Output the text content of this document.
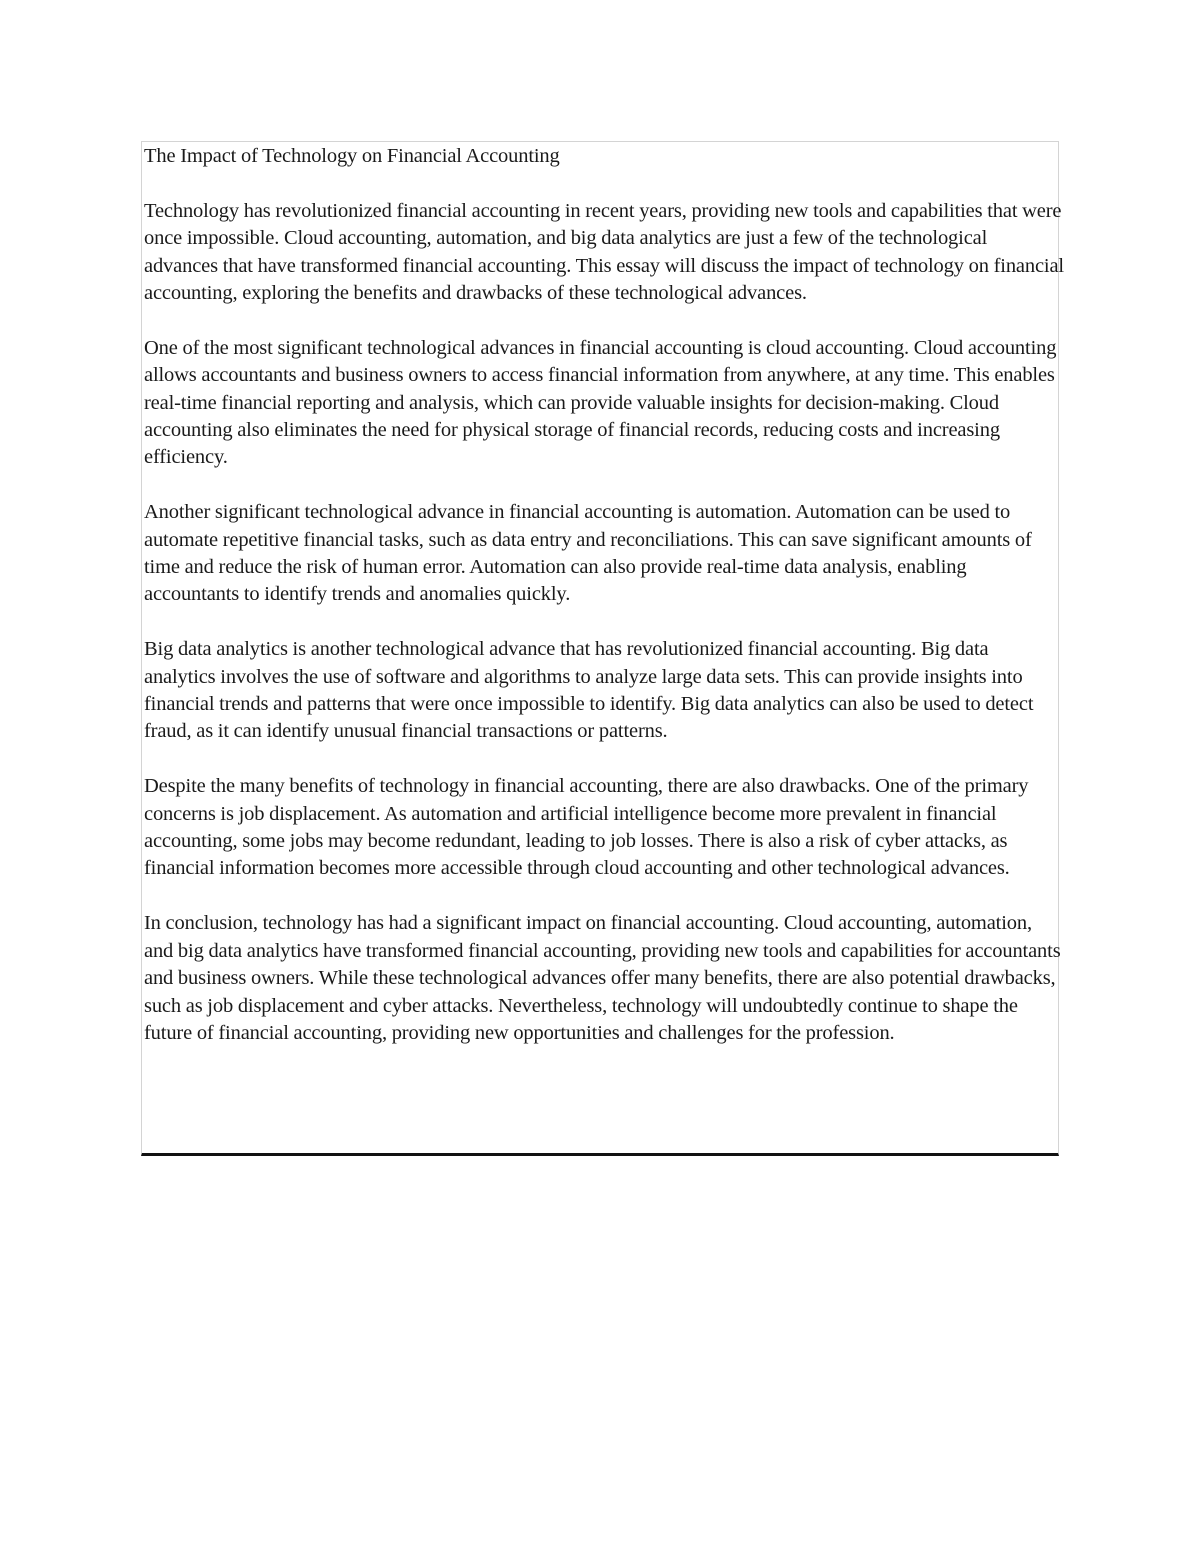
The Impact of Technology on Financial Accounting

Technology has revolutionized financial accounting in recent years, providing new tools and capabilities that were once impossible. Cloud accounting, automation, and big data analytics are just a few of the technological advances that have transformed financial accounting. This essay will discuss the impact of technology on financial accounting, exploring the benefits and drawbacks of these technological advances.

One of the most significant technological advances in financial accounting is cloud accounting. Cloud accounting allows accountants and business owners to access financial information from anywhere, at any time. This enables real-time financial reporting and analysis, which can provide valuable insights for decision-making. Cloud accounting also eliminates the need for physical storage of financial records, reducing costs and increasing efficiency.

Another significant technological advance in financial accounting is automation. Automation can be used to automate repetitive financial tasks, such as data entry and reconciliations. This can save significant amounts of time and reduce the risk of human error. Automation can also provide real-time data analysis, enabling accountants to identify trends and anomalies quickly.

Big data analytics is another technological advance that has revolutionized financial accounting. Big data analytics involves the use of software and algorithms to analyze large data sets. This can provide insights into financial trends and patterns that were once impossible to identify. Big data analytics can also be used to detect fraud, as it can identify unusual financial transactions or patterns.

Despite the many benefits of technology in financial accounting, there are also drawbacks. One of the primary concerns is job displacement. As automation and artificial intelligence become more prevalent in financial accounting, some jobs may become redundant, leading to job losses. There is also a risk of cyber attacks, as financial information becomes more accessible through cloud accounting and other technological advances.

In conclusion, technology has had a significant impact on financial accounting. Cloud accounting, automation, and big data analytics have transformed financial accounting, providing new tools and capabilities for accountants and business owners. While these technological advances offer many benefits, there are also potential drawbacks, such as job displacement and cyber attacks. Nevertheless, technology will undoubtedly continue to shape the future of financial accounting, providing new opportunities and challenges for the profession.
